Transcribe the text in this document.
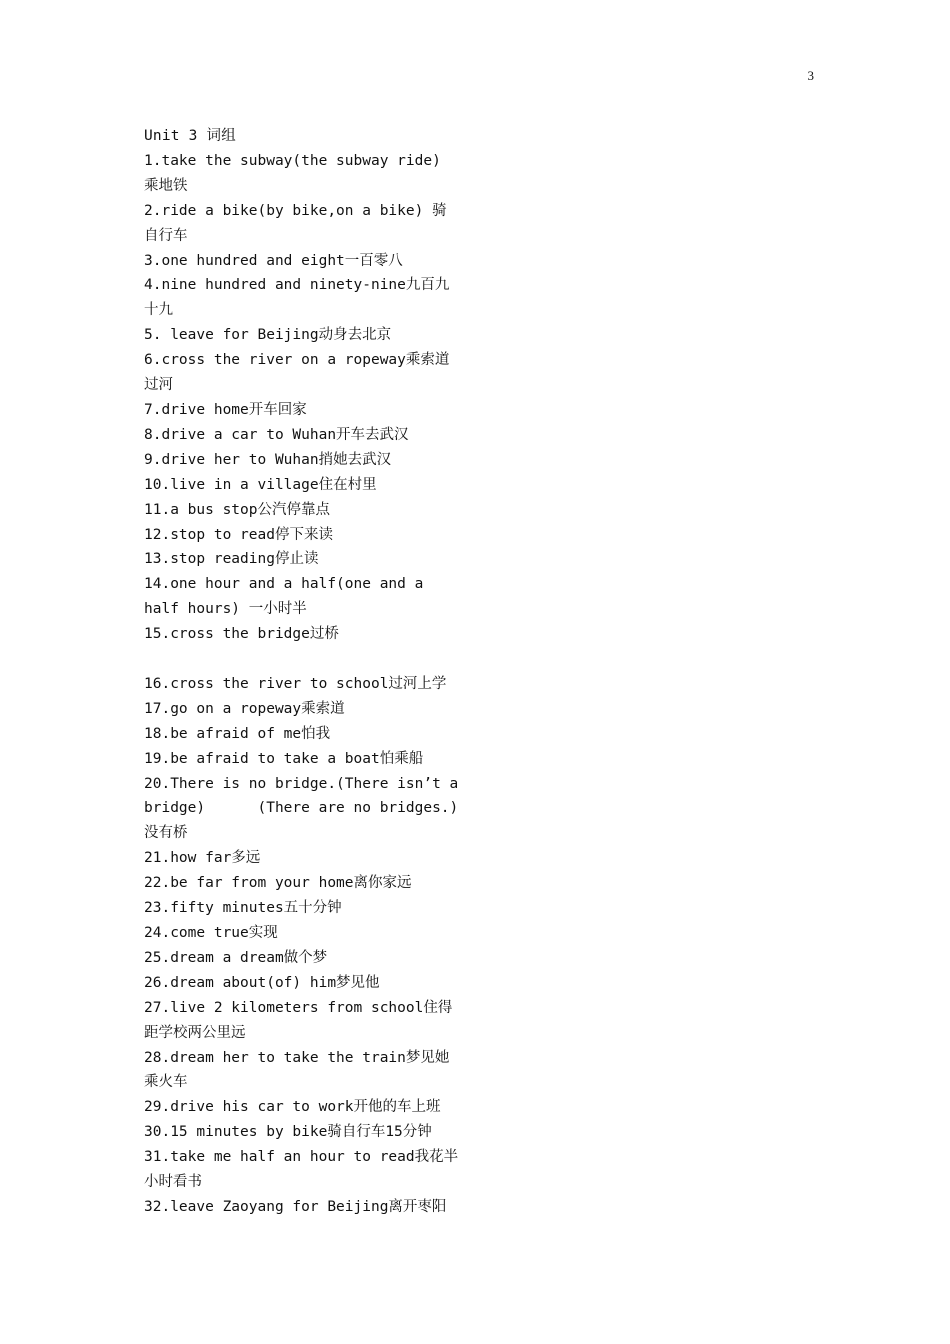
3
Unit 3 词组
1.take the subway(the subway ride) 乘地铁
2.ride a bike(by bike,on a bike) 骑自行车
3.one hundred and eight一百零八
4.nine hundred and ninety-nine九百九十九
5. leave for Beijing动身去北京
6.cross the river on a ropeway乘索道过河
7.drive home开车回家
8.drive a car to Wuhan开车去武汉
9.drive her to Wuhan捎她去武汉
10.live in a village住在村里
11.a bus stop公汽停靠点
12.stop to read停下来读
13.stop reading停止读
14.one hour and a half(one and a half hours) 一小时半
15.cross the bridge过桥
16.cross the river to school过河上学
17.go on a ropeway乘索道
18.be afraid of me怕我
19.be afraid to take a boat怕乘船
20.There is no bridge.(There isn’t a bridge)      (There are no bridges.) 没有桥
21.how far多远
22.be far from your home离你家远
23.fifty minutes五十分钟
24.come true实现
25.dream a dream做个梦
26.dream about(of) him梦见他
27.live 2 kilometers from school住得距学校两公里远
28.dream her to take the train梦见她乘火车
29.drive his car to work开他的车上班
30.15 minutes by bike骑自行车15分钟
31.take me half an hour to read我花半小时看书
32.leave Zaoyang for Beijing离开枣阳
